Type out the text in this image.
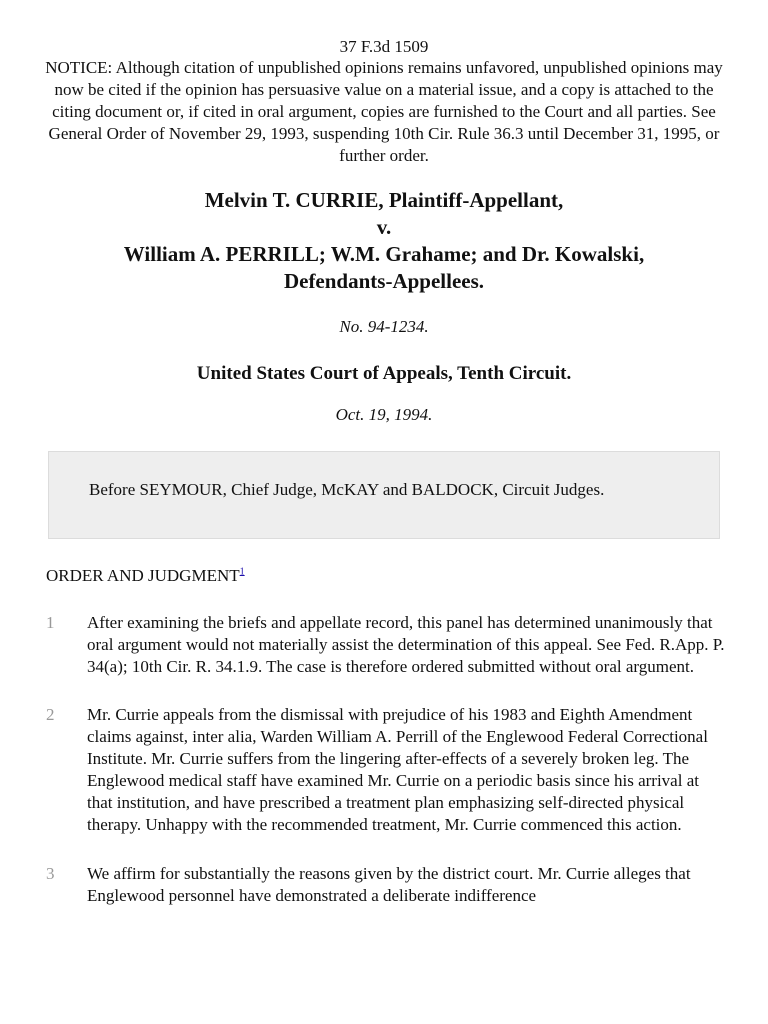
37 F.3d 1509
NOTICE: Although citation of unpublished opinions remains unfavored, unpublished opinions may now be cited if the opinion has persuasive value on a material issue, and a copy is attached to the citing document or, if cited in oral argument, copies are furnished to the Court and all parties. See General Order of November 29, 1993, suspending 10th Cir. Rule 36.3 until December 31, 1995, or further order.
Melvin T. CURRIE, Plaintiff-Appellant,
v.
William A. PERRILL; W.M. Grahame; and Dr. Kowalski,
Defendants-Appellees.
No. 94-1234.
United States Court of Appeals, Tenth Circuit.
Oct. 19, 1994.
Before SEYMOUR, Chief Judge, McKAY and BALDOCK, Circuit Judges.
ORDER AND JUDGMENT$^1$
1 After examining the briefs and appellate record, this panel has determined unanimously that oral argument would not materially assist the determination of this appeal. See Fed. R.App. P. 34(a); 10th Cir. R. 34.1.9. The case is therefore ordered submitted without oral argument.
2 Mr. Currie appeals from the dismissal with prejudice of his 1983 and Eighth Amendment claims against, inter alia, Warden William A. Perrill of the Englewood Federal Correctional Institute. Mr. Currie suffers from the lingering after-effects of a severely broken leg. The Englewood medical staff have examined Mr. Currie on a periodic basis since his arrival at that institution, and have prescribed a treatment plan emphasizing self-directed physical therapy. Unhappy with the recommended treatment, Mr. Currie commenced this action.
3 We affirm for substantially the reasons given by the district court. Mr. Currie alleges that Englewood personnel have demonstrated a deliberate indifference
